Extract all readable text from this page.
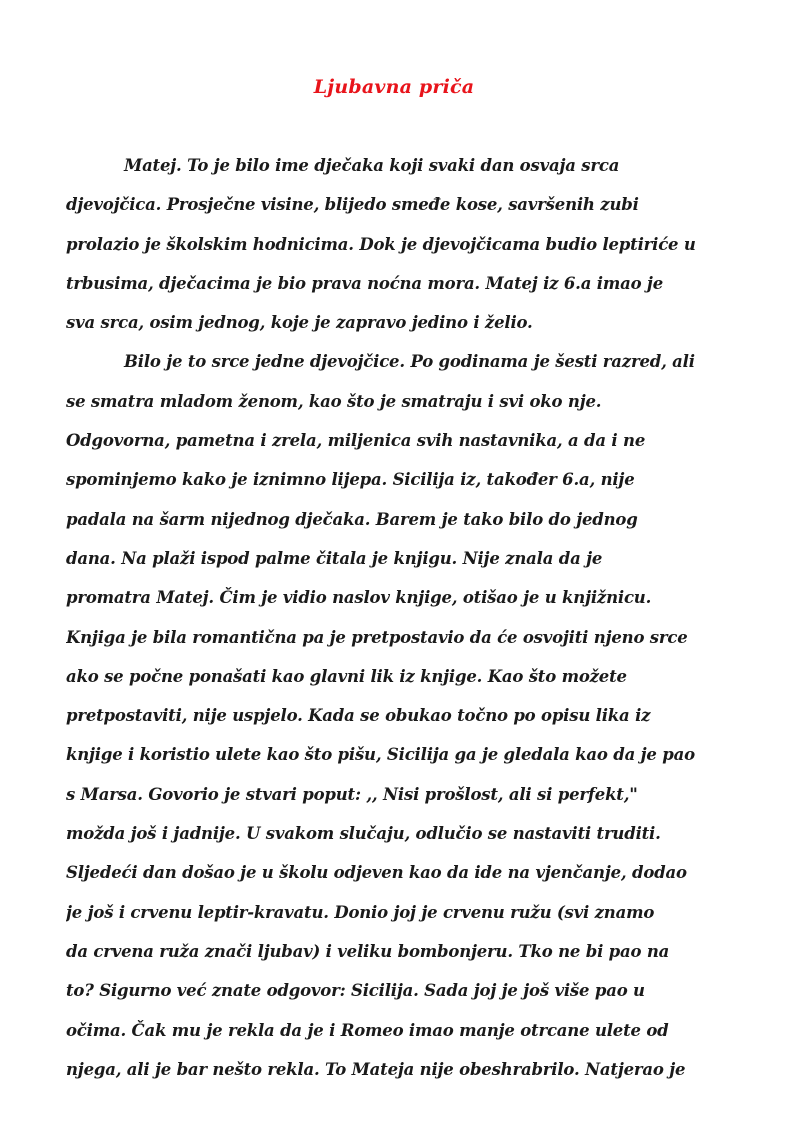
Ljubavna priča
Matej. To je bilo ime dječaka koji svaki dan osvaja srca
djevojčica. Prosječne visine, blijedo smeđe kose, savršenih zubi
prolazio je školskim hodnicima. Dok je djevojčicama budio leptiriće u
trbusima, dječacima je bio prava noćna mora. Matej iz 6.a imao je
sva srca, osim jednog, koje je zapravo jedino i želio.
Bilo je to srce jedne djevojčice. Po godinama je šesti razred, ali
se smatra mladom ženom, kao što je smatraju i svi oko nje.
Odgovorna, pametna i zrela, miljenica svih nastavnika, a da i ne
spominjemo kako je iznimno lijepa. Sicilija iz, također 6.a, nije
padala na šarm nijednog dječaka. Barem je tako bilo do jednog
dana. Na plaži ispod palme čitala je knjigu. Nije znala da je
promatra Matej. Čim je vidio naslov knjige, otišao je u knjižnicu.
Knjiga je bila romantična pa je pretpostavio da će osvojiti njeno srce
ako se počne ponašati kao glavni lik iz knjige. Kao što možete
pretpostaviti, nije uspjelo. Kada se obukao točno po opisu lika iz
knjige i koristio ulete kao što pišu, Sicilija ga je gledala kao da je pao
s Marsa. Govorio je stvari poput: ,, Nisi prošlost, ali si perfekt,"
možda još i jadnije. U svakom slučaju, odlučio se nastaviti truditi.
Sljedeći dan došao je u školu odjeven kao da ide na vjenčanje, dodao
je još i crvenu leptir-kravatu. Donio joj je crvenu ružu (svi znamo
da crvena ruža znači ljubav) i veliku bombonjeru. Tko ne bi pao na
to? Sigurno već znate odgovor: Sicilija. Sada joj je još više pao u
očima. Čak mu je rekla da je i Romeo imao manje otrcane ulete od
njega, ali je bar nešto rekla. To Mateja nije obeshrabrilo. Natjerao je
